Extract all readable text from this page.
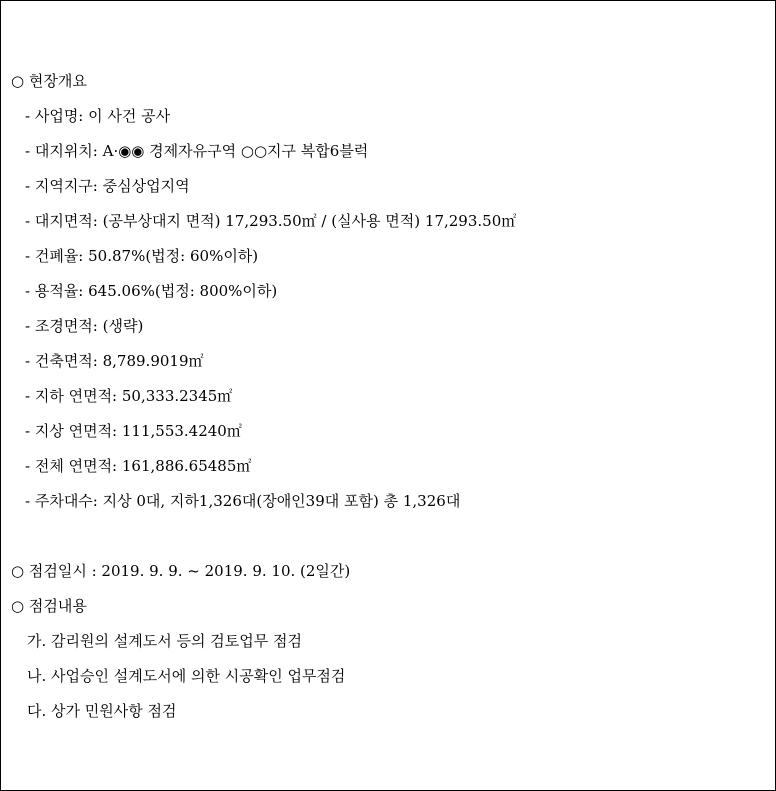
○ 현장개요
- 사업명: 이 사건 공사
- 대지위치: A·◉◉ 경제자유구역 ○○지구 복합6블럭
- 지역지구: 중심상업지역
- 대지면적: (공부상대지 면적) 17,293.50㎡ / (실사용 면적) 17,293.50㎡
- 건폐율: 50.87%(법정: 60%이하)
- 용적율: 645.06%(법정: 800%이하)
- 조경면적: (생략)
- 건축면적: 8,789.9019㎡
- 지하 연면적: 50,333.2345㎡
- 지상 연면적: 111,553.4240㎡
- 전체 연면적: 161,886.65485㎡
- 주차대수: 지상 0대, 지하1,326대(장애인39대 포함) 총 1,326대
○ 점검일시 : 2019. 9. 9. ~ 2019. 9. 10. (2일간)
○ 점검내용
가. 감리원의 설계도서 등의 검토업무 점검
나. 사업승인 설계도서에 의한 시공확인 업무점검
다. 상가 민원사항 점검
